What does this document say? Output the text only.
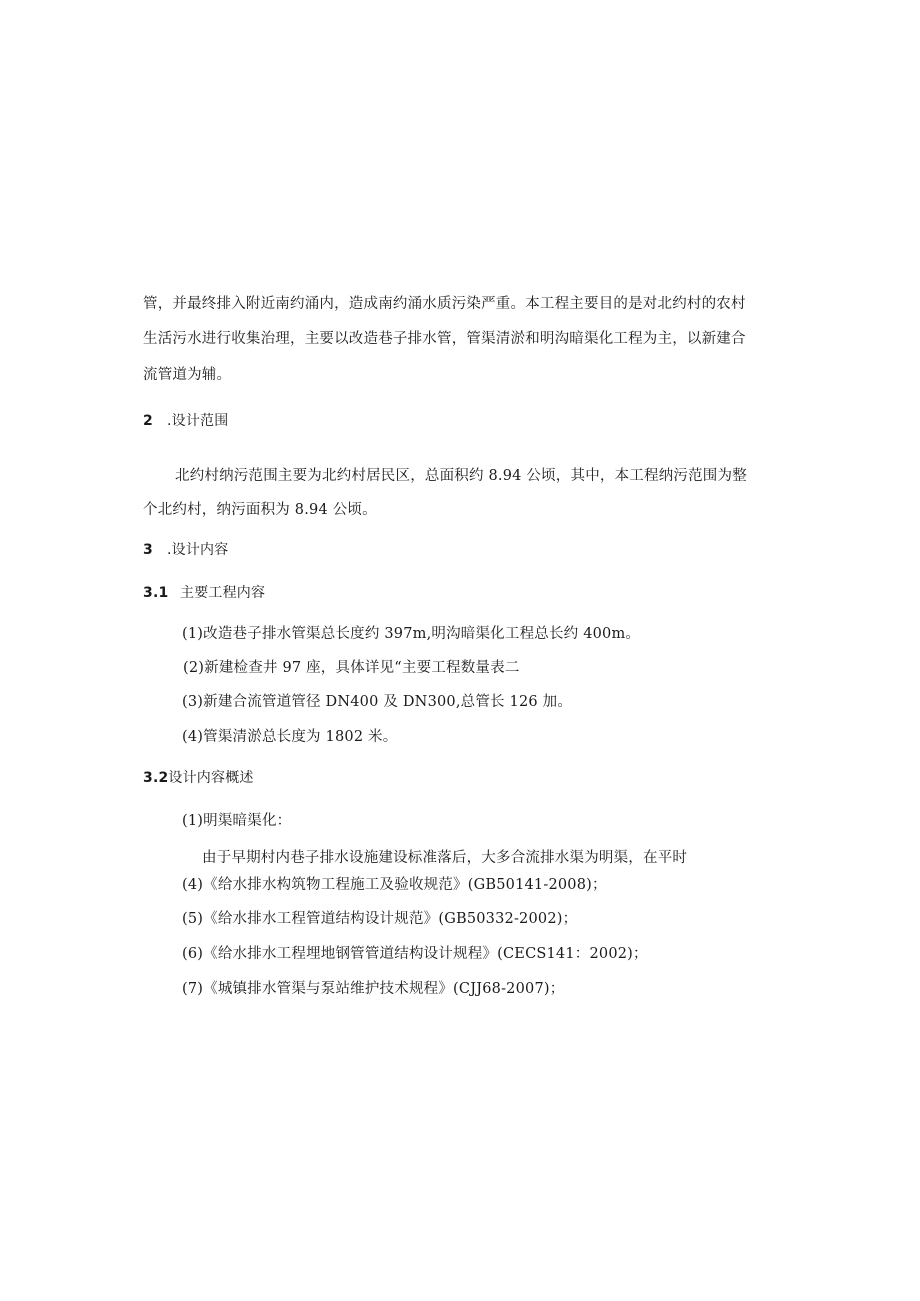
管，并最终排入附近南约涌内，造成南约涌水质污染严重。本工程主要目的是对北约村的农村
生活污水进行收集治理，主要以改造巷子排水管，管渠清淤和明沟暗渠化工程为主，以新建合
流管道为辅。
2 .设计范围
北约村纳污范围主要为北约村居民区，总面积约 8.94 公顷，其中，本工程纳污范围为整
个北约村，纳污面积为 8.94 公顷。
3 .设计内容
3.1 主要工程内容
(1)改造巷子排水管渠总长度约 397m,明沟暗渠化工程总长约 400m。
(2)新建检查井 97 座，具体详见“主要工程数量表二
(3)新建合流管道管径 DN400 及 DN300,总管长 126 加。
(4)管渠清淤总长度为 1802 米。
3.2设计内容概述
(1)明渠暗渠化：
由于早期村内巷子排水设施建设标准落后，大多合流排水渠为明渠，在平时
(4)《给水排水构筑物工程施工及验收规范》(GB50141-2008)；
(5)《给水排水工程管道结构设计规范》(GB50332-2002)；
(6)《给水排水工程埋地钢管管道结构设计规程》(CECS141：2002)；
(7)《城镇排水管渠与泵站维护技术规程》(CJJ68-2007)；
